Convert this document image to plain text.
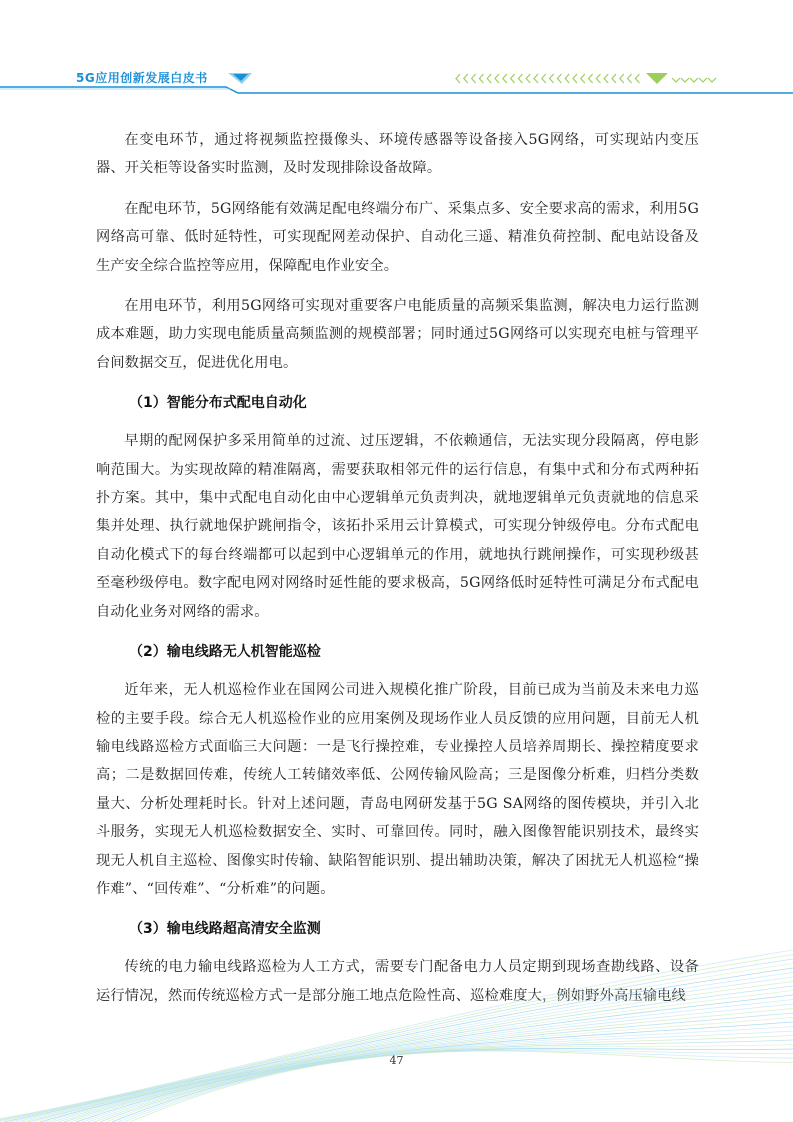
5G应用创新发展白皮书

在变电环节，通过将视频监控摄像头、环境传感器等设备接入5G网络，可实现站内变压器、开关柜等设备实时监测，及时发现排除设备故障。

在配电环节，5G网络能有效满足配电终端分布广、采集点多、安全要求高的需求，利用5G网络高可靠、低时延特性，可实现配网差动保护、自动化三遥、精准负荷控制、配电站设备及生产安全综合监控等应用，保障配电作业安全。

在用电环节，利用5G网络可实现对重要客户电能质量的高频采集监测，解决电力运行监测成本难题，助力实现电能质量高频监测的规模部署；同时通过5G网络可以实现充电桩与管理平台间数据交互，促进优化用电。

（1）智能分布式配电自动化

早期的配网保护多采用简单的过流、过压逻辑，不依赖通信，无法实现分段隔离，停电影响范围大。为实现故障的精准隔离，需要获取相邻元件的运行信息，有集中式和分布式两种拓扑方案。其中，集中式配电自动化由中心逻辑单元负责判决，就地逻辑单元负责就地的信息采集并处理、执行就地保护跳闸指令，该拓扑采用云计算模式，可实现分钟级停电。分布式配电自动化模式下的每台终端都可以起到中心逻辑单元的作用，就地执行跳闸操作，可实现秒级甚至毫秒级停电。数字配电网对网络时延性能的要求极高，5G网络低时延特性可满足分布式配电自动化业务对网络的需求。

（2）输电线路无人机智能巡检

近年来，无人机巡检作业在国网公司进入规模化推广阶段，目前已成为当前及未来电力巡检的主要手段。综合无人机巡检作业的应用案例及现场作业人员反馈的应用问题，目前无人机输电线路巡检方式面临三大问题：一是飞行操控难，专业操控人员培养周期长、操控精度要求高；二是数据回传难，传统人工转储效率低、公网传输风险高；三是图像分析难，归档分类数量大、分析处理耗时长。针对上述问题，青岛电网研发基于5G SA网络的图传模块，并引入北斗服务，实现无人机巡检数据安全、实时、可靠回传。同时，融入图像智能识别技术，最终实现无人机自主巡检、图像实时传输、缺陷智能识别、提出辅助决策，解决了困扰无人机巡检“操作难”、“回传难”、“分析难”的问题。

（3）输电线路超高清安全监测

传统的电力输电线路巡检为人工方式，需要专门配备电力人员定期到现场查勘线路、设备运行情况，然而传统巡检方式一是部分施工地点危险性高、巡检难度大，例如野外高压输电线

47
